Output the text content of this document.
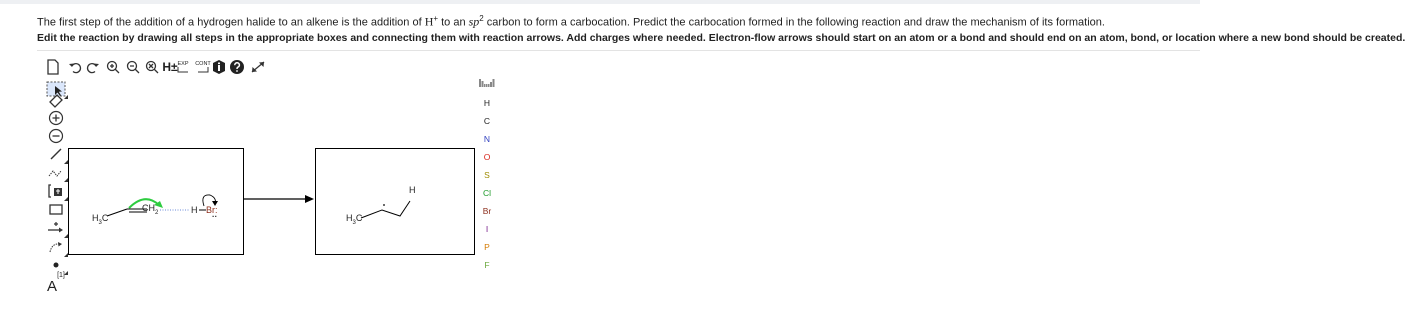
The first step of the addition of a hydrogen halide to an alkene is the addition of H+ to an $sp^2$ carbon to form a carbocation. Predict the carbocation formed in the following reaction and draw the mechanism of its formation.
Edit the reaction by drawing all steps in the appropriate boxes and connecting them with reaction arrows. Add charges where needed. Electron-flow arrows should start on an atom or a bond and should end on an atom, bond, or location where a new bond should be created.
H± EXP CONT
[1]
A
H
C
N
O
S
Cl
Br
I
P
F
$H_3C$
$CH_2$	H Br:
··	$H_3C$
H
